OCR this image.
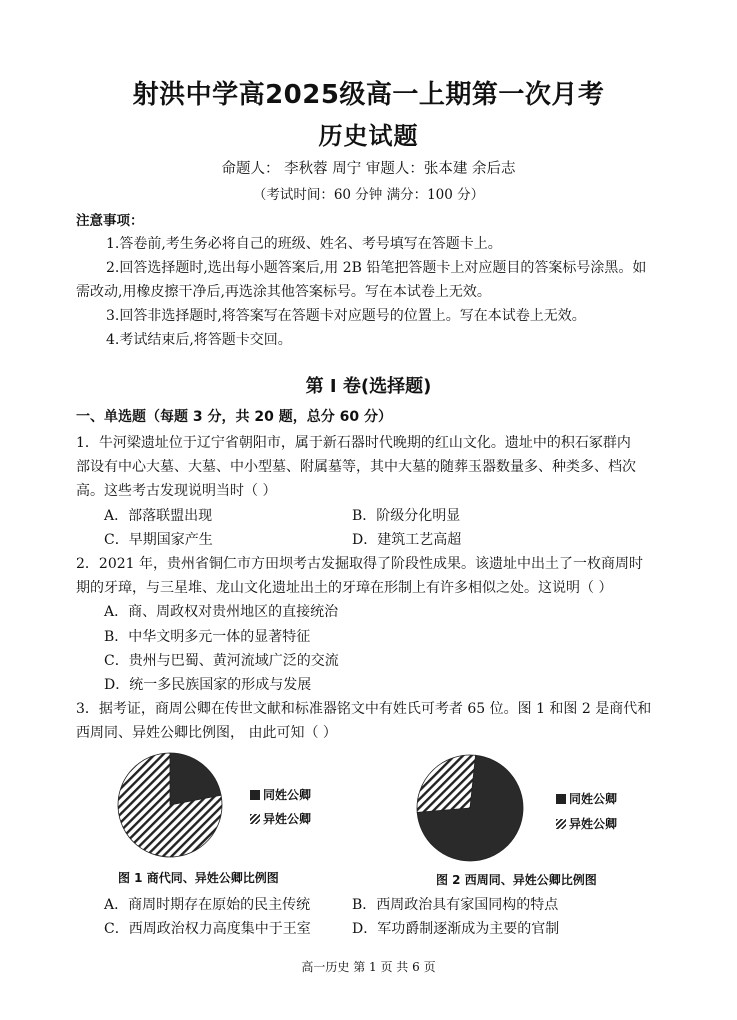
射洪中学高2025级高一上期第一次月考
历史试题
命题人： 李秋蓉 周宁 审题人：张本建 余后志
（考试时间：60 分钟 满分：100 分）
注意事项：
1.答卷前,考生务必将自己的班级、姓名、考号填写在答题卡上。
2.回答选择题时,选出每小题答案后,用 2B 铅笔把答题卡上对应题目的答案标号涂黑。如
需改动,用橡皮擦干净后,再选涂其他答案标号。写在本试卷上无效。
3.回答非选择题时,将答案写在答题卡对应题号的位置上。写在本试卷上无效。
4.考试结束后,将答题卡交回。
第 I 卷(选择题)
一、单选题（每题 3 分，共 20 题，总分 60 分）
1．牛河梁遗址位于辽宁省朝阳市，属于新石器时代晚期的红山文化。遗址中的积石冢群内
部设有中心大墓、大墓、中小型墓、附属墓等，其中大墓的随葬玉器数量多、种类多、档次
高。这些考古发现说明当时（ ）
A．部落联盟出现	B．阶级分化明显
C．早期国家产生	D．建筑工艺高超
2．2021 年，贵州省铜仁市方田坝考古发掘取得了阶段性成果。该遗址中出土了一枚商周时
期的牙璋，与三星堆、龙山文化遗址出土的牙璋在形制上有许多相似之处。这说明（ ）
A．商、周政权对贵州地区的直接统治
B．中华文明多元一体的显著特征
C．贵州与巴蜀、黄河流域广泛的交流
D．统一多民族国家的形成与发展
3．据考证，商周公卿在传世文献和标准器铭文中有姓氏可考者 65 位。图 1 和图 2 是商代和
西周同、异姓公卿比例图， 由此可知（ ）
同姓公卿
异姓公卿
图 1 商代同、异姓公卿比例图
同姓公卿
异姓公卿
图 2 西周同、异姓公卿比例图
A．商周时期存在原始的民主传统	B．西周政治具有家国同构的特点
C．西周政治权力高度集中于王室	D．军功爵制逐渐成为主要的官制
高一历史 第 1 页 共 6 页
